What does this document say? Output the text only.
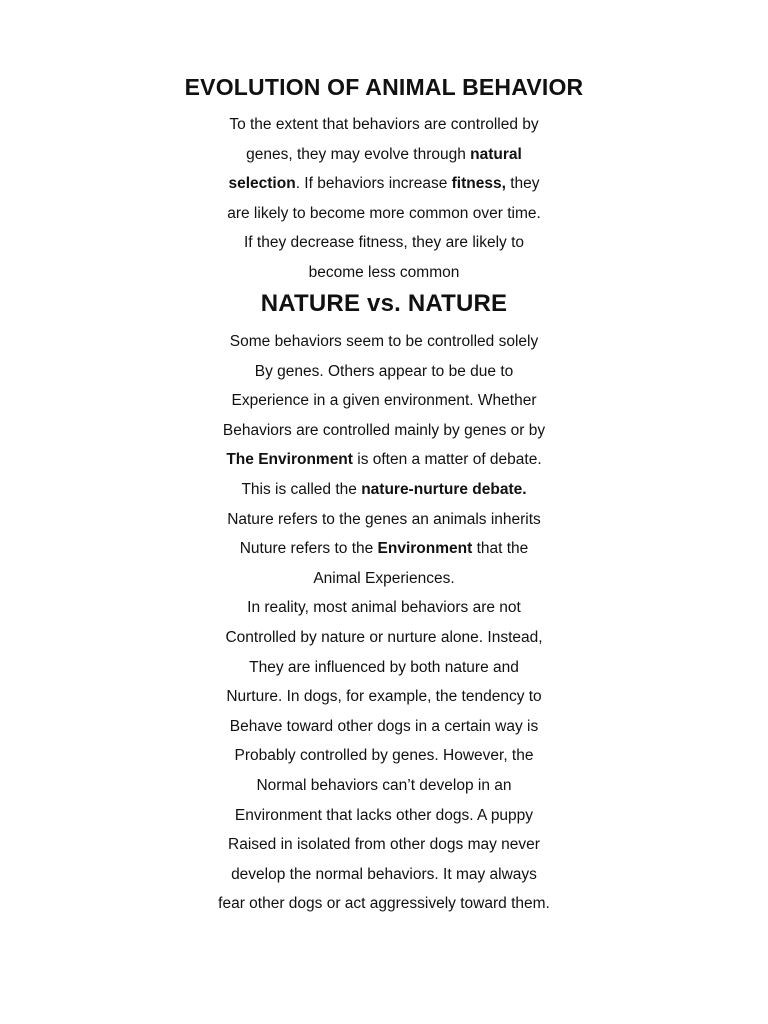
EVOLUTION OF ANIMAL BEHAVIOR
To the extent that behaviors are controlled by
genes, they may evolve through natural
selection. If behaviors increase fitness, they
are likely to become more common over time.
If they decrease fitness, they are likely to
become less common
NATURE vs. NATURE
Some behaviors seem to be controlled solely
By genes. Others appear to be due to
Experience in a given environment. Whether
Behaviors are controlled mainly by genes or by
The Environment is often a matter of debate.
This is called the nature-nurture debate.
Nature refers to the genes an animals inherits
Nuture refers to the Environment that the
Animal Experiences.
In reality, most animal behaviors are not
Controlled by nature or nurture alone. Instead,
They are influenced by both nature and
Nurture. In dogs, for example, the tendency to
Behave toward other dogs in a certain way is
Probably controlled by genes. However, the
Normal behaviors can’t develop in an
Environment that lacks other dogs. A puppy
Raised in isolated from other dogs may never
develop the normal behaviors. It may always
fear other dogs or act aggressively toward them.
